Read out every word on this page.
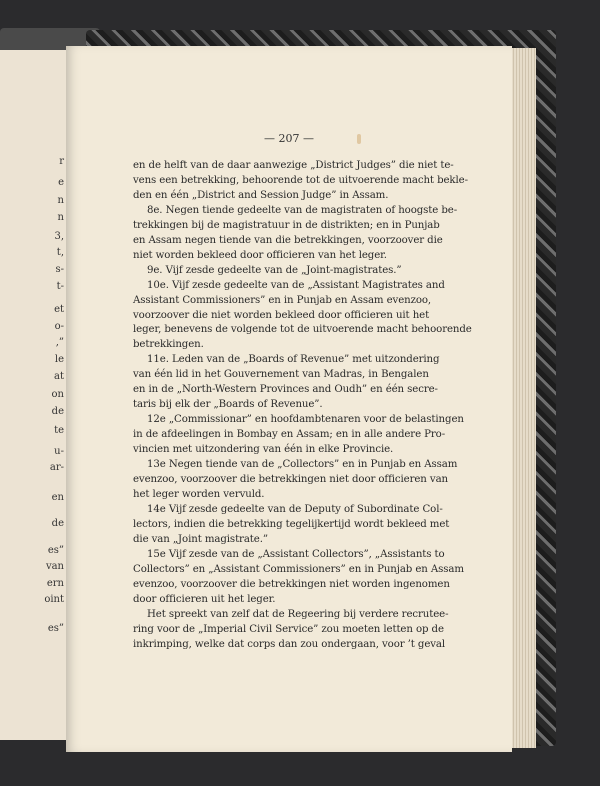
r
e
n
n
3,
t,
s-
t-
et
o-
,”
le
at
on
de
te
u-
ar-
en
de
es”
van
ern
oint
es”
— 207 —
en de helft van de daar aanwezige „District Judges” die niet te-
vens een betrekking, behoorende tot de uitvoerende macht bekle-
den en één „District and Session Judge” in Assam.
8e. Negen tiende gedeelte van de magistraten of hoogste be-
trekkingen bij de magistratuur in de distrikten; en in Punjab
en Assam negen tiende van die betrekkingen, voorzoover die
niet worden bekleed door officieren van het leger.
9e. Vijf zesde gedeelte van de „Joint-magistrates.”
10e. Vijf zesde gedeelte van de „Assistant Magistrates and
Assistant Commissioners” en in Punjab en Assam evenzoo,
voorzoover die niet worden bekleed door officieren uit het
leger, benevens de volgende tot de uitvoerende macht behoorende
betrekkingen.
11e. Leden van de „Boards of Revenue” met uitzondering
van één lid in het Gouvernement van Madras, in Bengalen
en in de „North-Western Provinces and Oudh” en één secre-
taris bij elk der „Boards of Revenue”.
12e „Commissionar” en hoofdambtenaren voor de belastingen
in de afdeelingen in Bombay en Assam; en in alle andere Pro-
vincien met uitzondering van één in elke Provincie.
13e Negen tiende van de „Collectors” en in Punjab en Assam
evenzoo, voorzoover die betrekkingen niet door officieren van
het leger worden vervuld.
14e Vijf zesde gedeelte van de Deputy of Subordinate Col-
lectors, indien die betrekking tegelijkertijd wordt bekleed met
die van „Joint magistrate.”
15e Vijf zesde van de „Assistant Collectors”, „Assistants to
Collectors” en „Assistant Commissioners” en in Punjab en Assam
evenzoo, voorzoover die betrekkingen niet worden ingenomen
door officieren uit het leger.
Het spreekt van zelf dat de Regeering bij verdere recrutee-
ring voor de „Imperial Civil Service” zou moeten letten op de
inkrimping, welke dat corps dan zou ondergaan, voor ’t geval
